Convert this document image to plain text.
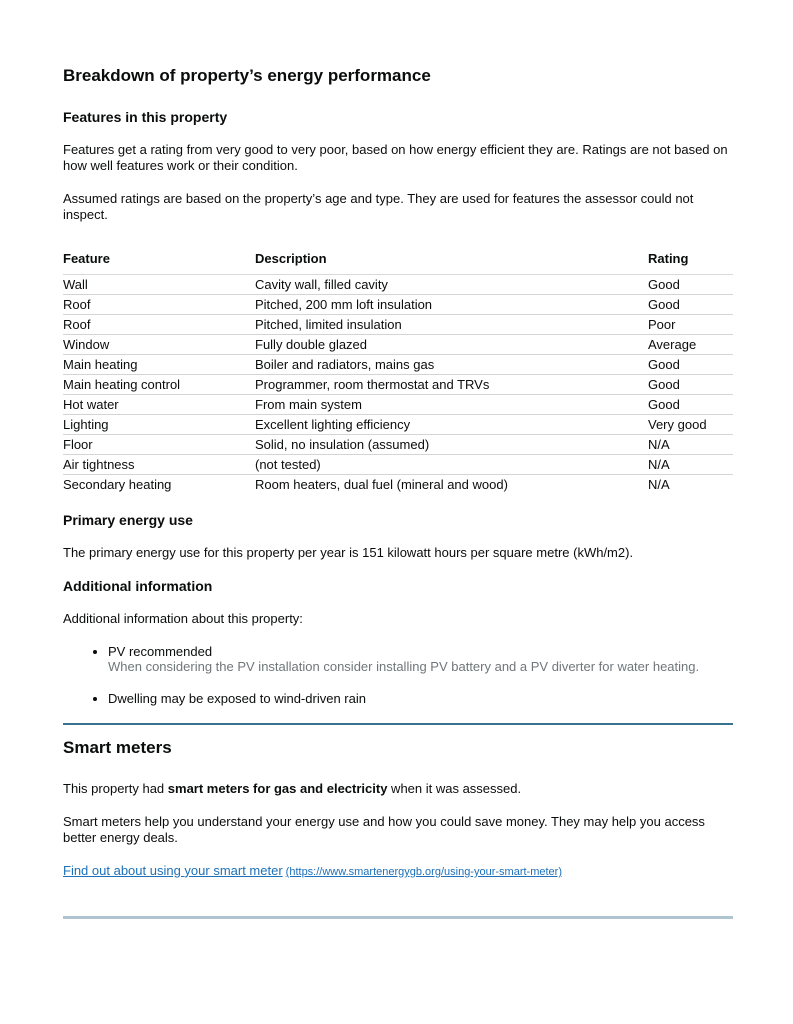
Breakdown of property’s energy performance
Features in this property

Features get a rating from very good to very poor, based on how energy efficient they are. Ratings are not based on how well features work or their condition.

Assumed ratings are based on the property’s age and type. They are used for features the assessor could not inspect.

Feature	Description	Rating
Wall	Cavity wall, filled cavity	Good
Roof	Pitched, 200 mm loft insulation	Good
Roof	Pitched, limited insulation	Poor
Window	Fully double glazed	Average
Main heating	Boiler and radiators, mains gas	Good
Main heating control	Programmer, room thermostat and TRVs	Good
Hot water	From main system	Good
Lighting	Excellent lighting efficiency	Very good
Floor	Solid, no insulation (assumed)	N/A
Air tightness	(not tested)	N/A
Secondary heating	Room heaters, dual fuel (mineral and wood)	N/A
Primary energy use

The primary energy use for this property per year is 151 kilowatt hours per square metre (kWh/m2).

Additional information

Additional information about this property:

• PV recommended
When considering the PV installation consider installing PV battery and a PV diverter for water heating.
• Dwelling may be exposed to wind-driven rain
Smart meters

This property had smart meters for gas and electricity when it was assessed.

Smart meters help you understand your energy use and how you could save money. They may help you access better energy deals.

Find out about using your smart meter (https://www.smartenergygb.org/using-your-smart-meter)
